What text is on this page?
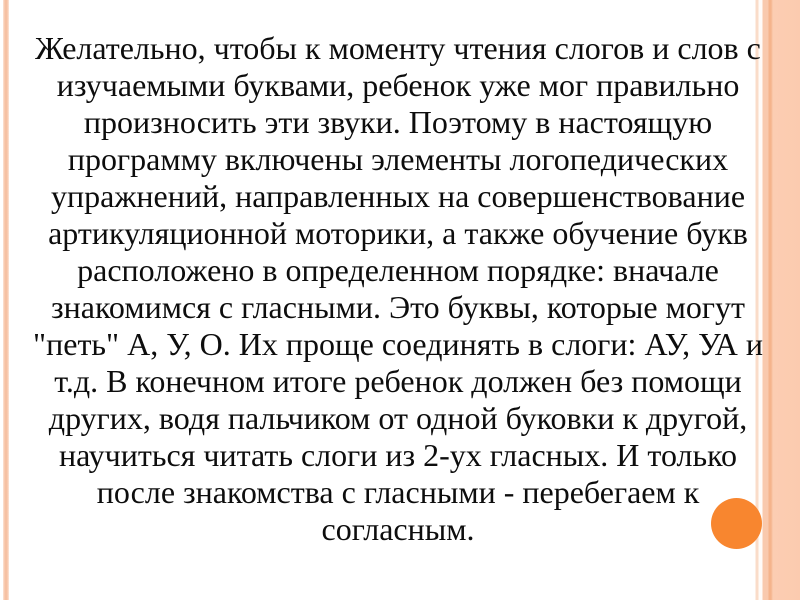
Желательно, чтобы к моменту чтения слогов и слов с
изучаемыми буквами, ребенок уже мог правильно
произносить эти звуки. Поэтому в настоящую
программу включены элементы логопедических
упражнений, направленных на совершенствование
артикуляционной моторики, а также обучение букв
расположено в определенном порядке: вначале
знакомимся с гласными. Это буквы, которые могут
"петь" А, У, О. Их проще соединять в слоги: АУ, УА и
т.д. В конечном итоге ребенок должен без помощи
других, водя пальчиком от одной буковки к другой,
научиться читать слоги из 2-ух гласных. И только
после знакомства с гласными - перебегаем к
согласным.
